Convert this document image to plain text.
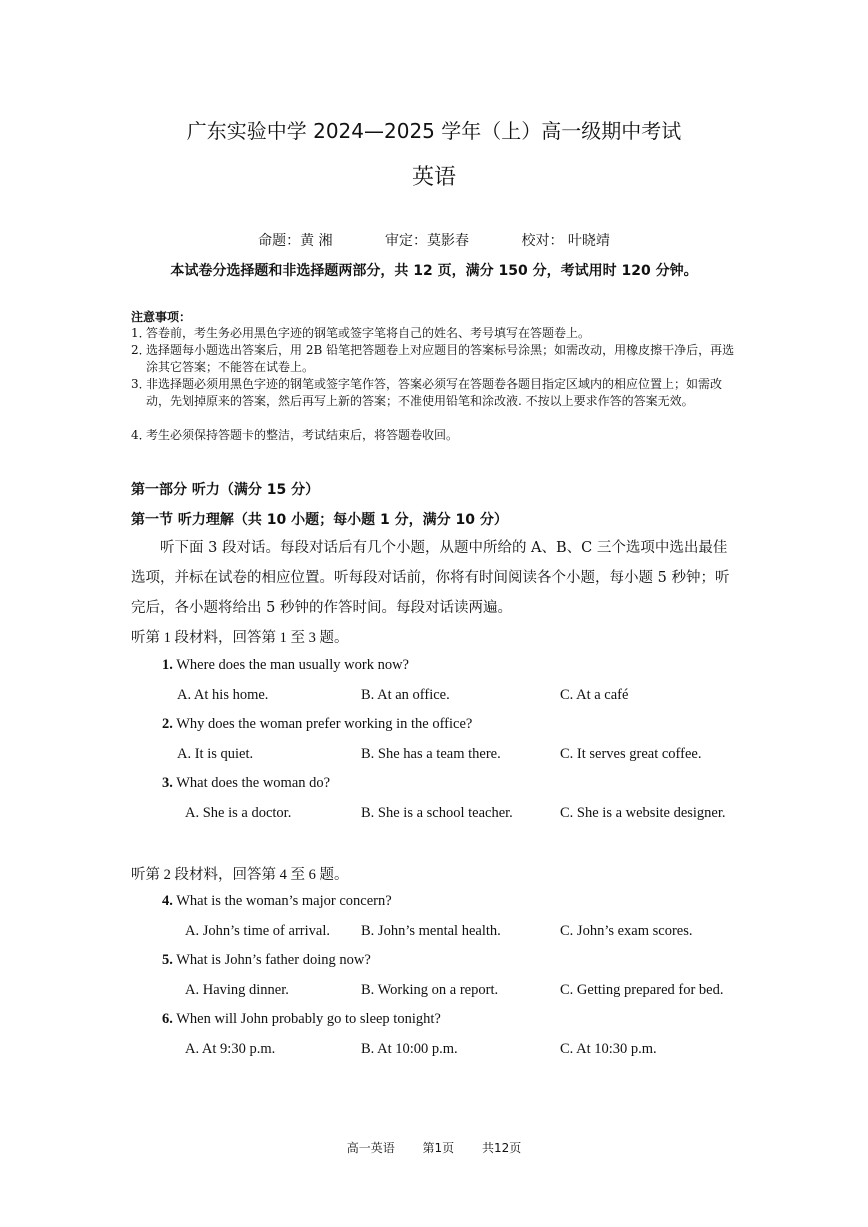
广东实验中学 2024—2025 学年（上）高一级期中考试
英语
命题：黄 湘	审定：莫影春	校对： 叶晓靖
本试卷分选择题和非选择题两部分，共 12 页，满分 150 分，考试用时 120 分钟。
注意事项：
1．
答卷前，考生务必用黑色字迹的钢笔或签字笔将自己的姓名、考号填写在答题卷上。
2．
选择题每小题选出答案后，用 2B 铅笔把答题卷上对应题目的答案标号涂黑；如需改动，用橡皮擦干净后，再选涂其它答案；不能答在试卷上。
3．
非选择题必须用黑色字迹的钢笔或签字笔作答，答案必须写在答题卷各题目指定区域内的相应位置上；如需改动，先划掉原来的答案，然后再写上新的答案；不准使用铅笔和涂改液. 不按以上要求作答的答案无效。
4．
考生必须保持答题卡的整洁，考试结束后，将答题卷收回。
第一部分 听力（满分 15 分）
第一节 听力理解（共 10 小题；每小题 1 分，满分 10 分）
听下面 3 段对话。每段对话后有几个小题，从题中所给的 A、B、C 三个选项中选出最佳选项，并标在试卷的相应位置。听每段对话前，你将有时间阅读各个小题，每小题 5 秒钟；听完后，各小题将给出 5 秒钟的作答时间。每段对话读两遍。
听第 1 段材料，回答第 1 至 3 题。
1. Where does the man usually work now?
A. At his home.	B. At an office.	C. At a café
2. Why does the woman prefer working in the office?
A. It is quiet.	B. She has a team there.	C. It serves great coffee.
3. What does the woman do?
A. She is a doctor.	B. She is a school teacher.	C. She is a website designer.
听第 2 段材料，回答第 4 至 6 题。
4. What is the woman’s major concern?
A. John’s time of arrival. B. John’s mental health.	C. John’s exam scores.
5. What is John’s father doing now?
A. Having dinner.	B. Working on a report.	C. Getting prepared for bed.
6. When will John probably go to sleep tonight?
A. At 9:30 p.m.	B. At 10:00 p.m.	C. At 10:30 p.m.
高一英语 第1页 共12页
